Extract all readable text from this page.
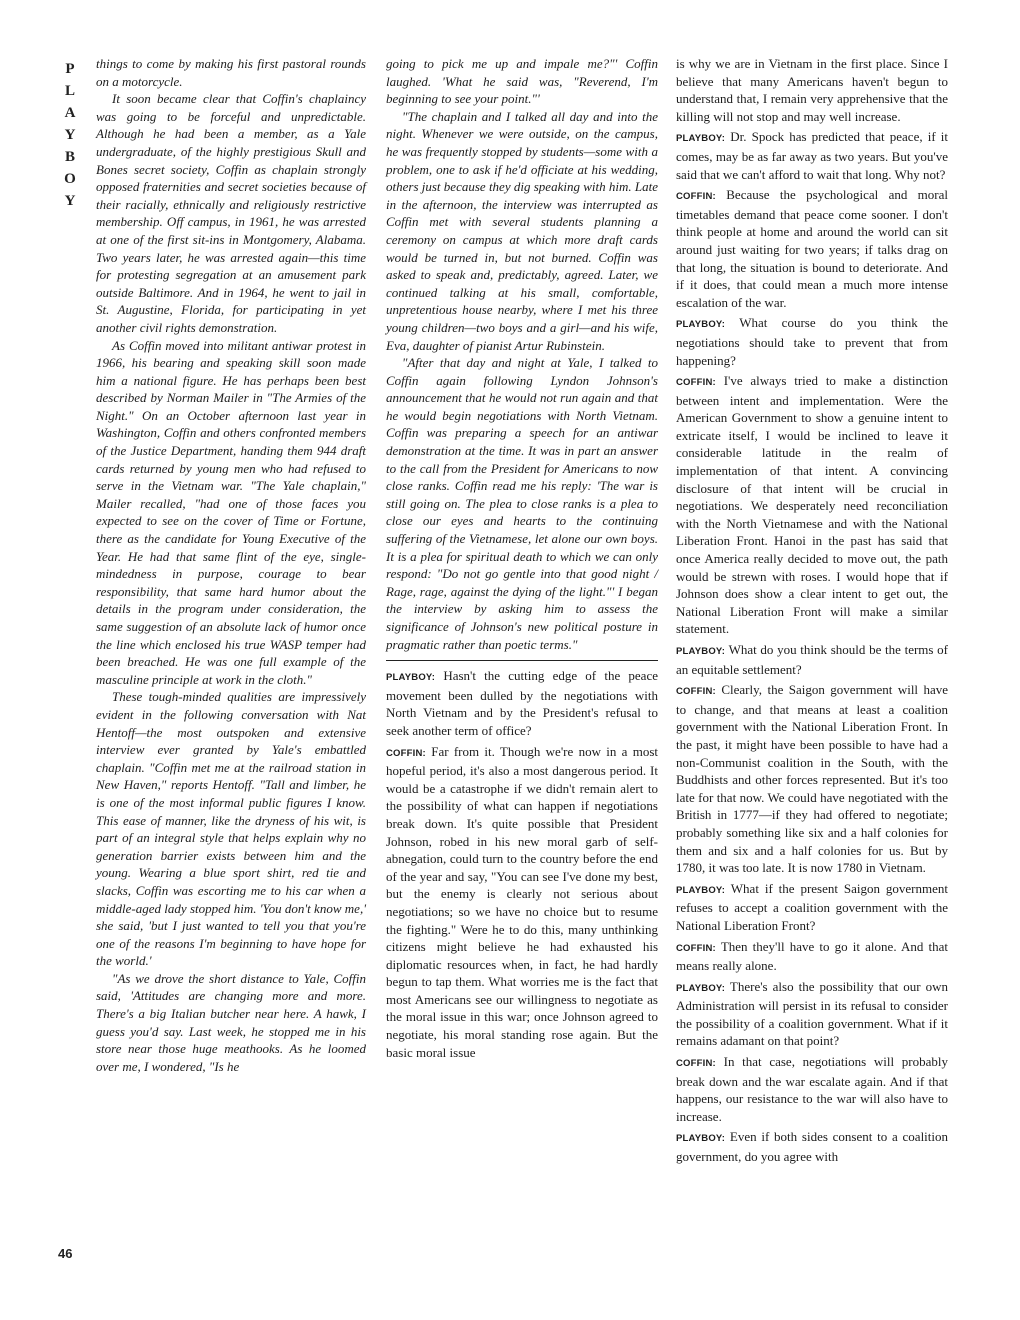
P
L
A
Y
B
O
Y
46

things to come by making his first pastoral rounds on a motorcycle.

It soon became clear that Coffin's chaplaincy was going to be forceful and unpredictable. Although he had been a member, as a Yale undergraduate, of the highly prestigious Skull and Bones secret society, Coffin as chaplain strongly opposed fraternities and secret societies because of their racially, ethnically and religiously restrictive membership. Off campus, in 1961, he was arrested at one of the first sit-ins in Montgomery, Alabama. Two years later, he was arrested again—this time for protesting segregation at an amusement park outside Baltimore. And in 1964, he went to jail in St. Augustine, Florida, for participating in yet another civil rights demonstration.

As Coffin moved into militant antiwar protest in 1966, his bearing and speaking skill soon made him a national figure. He has perhaps been best described by Norman Mailer in "The Armies of the Night." On an October afternoon last year in Washington, Coffin and others confronted members of the Justice Department, handing them 944 draft cards returned by young men who had refused to serve in the Vietnam war. "The Yale chaplain," Mailer recalled, "had one of those faces you expected to see on the cover of Time or Fortune, there as the candidate for Young Executive of the Year. He had that same flint of the eye, single-mindedness in purpose, courage to bear responsibility, that same hard humor about the details in the program under consideration, the same suggestion of an absolute lack of humor once the line which enclosed his true WASP temper had been breached. He was one full example of the masculine principle at work in the cloth."

These tough-minded qualities are impressively evident in the following conversation with Nat Hentoff—the most outspoken and extensive interview ever granted by Yale's embattled chaplain. "Coffin met me at the railroad station in New Haven," reports Hentoff. "Tall and limber, he is one of the most informal public figures I know. This ease of manner, like the dryness of his wit, is part of an integral style that helps explain why no generation barrier exists between him and the young. Wearing a blue sport shirt, red tie and slacks, Coffin was escorting me to his car when a middle-aged lady stopped him. 'You don't know me,' she said, 'but I just wanted to tell you that you're one of the reasons I'm beginning to have hope for the world.'

"As we drove the short distance to Yale, Coffin said, 'Attitudes are changing more and more. There's a big Italian butcher near here. A hawk, I guess you'd say. Last week, he stopped me in his store near those huge meathooks. As he loomed over me, I wondered, "Is he

going to pick me up and impale me?"' Coffin laughed. 'What he said was, "Reverend, I'm beginning to see your point."'

"The chaplain and I talked all day and into the night. Whenever we were outside, on the campus, he was frequently stopped by students—some with a problem, one to ask if he'd officiate at his wedding, others just because they dig speaking with him. Late in the afternoon, the interview was interrupted as Coffin met with several students planning a ceremony on campus at which more draft cards would be turned in, but not burned. Coffin was asked to speak and, predictably, agreed. Later, we continued talking at his small, comfortable, unpretentious house nearby, where I met his three young children—two boys and a girl—and his wife, Eva, daughter of pianist Artur Rubinstein.

"After that day and night at Yale, I talked to Coffin again following Lyndon Johnson's announcement that he would not run again and that he would begin negotiations with North Vietnam. Coffin was preparing a speech for an antiwar demonstration at the time. It was in part an answer to the call from the President for Americans to now close ranks. Coffin read me his reply: 'The war is still going on. The plea to close ranks is a plea to close our eyes and hearts to the continuing suffering of the Vietnamese, let alone our own boys. It is a plea for spiritual death to which we can only respond: "Do not go gentle into that good night / Rage, rage, against the dying of the light."' I began the interview by asking him to assess the significance of Johnson's new political posture in pragmatic rather than poetic terms."

PLAYBOY: Hasn't the cutting edge of the peace movement been dulled by the negotiations with North Vietnam and by the President's refusal to seek another term of office?

COFFIN: Far from it. Though we're now in a most hopeful period, it's also a most dangerous period. It would be a catastrophe if we didn't remain alert to the possibility of what can happen if negotiations break down. It's quite possible that President Johnson, robed in his new moral garb of self-abnegation, could turn to the country before the end of the year and say, "You can see I've done my best, but the enemy is clearly not serious about negotiations; so we have no choice but to resume the fighting." Were he to do this, many unthinking citizens might believe he had exhausted his diplomatic resources when, in fact, he had hardly begun to tap them. What worries me is the fact that most Americans see our willingness to negotiate as the moral issue in this war; once Johnson agreed to negotiate, his moral standing rose again. But the basic moral issue

is why we are in Vietnam in the first place. Since I believe that many Americans haven't begun to understand that, I remain very apprehensive that the killing will not stop and may well increase.

PLAYBOY: Dr. Spock has predicted that peace, if it comes, may be as far away as two years. But you've said that we can't afford to wait that long. Why not?

COFFIN: Because the psychological and moral timetables demand that peace come sooner. I don't think people at home and around the world can sit around just waiting for two years; if talks drag on that long, the situation is bound to deteriorate. And if it does, that could mean a much more intense escalation of the war.

PLAYBOY: What course do you think the negotiations should take to prevent that from happening?

COFFIN: I've always tried to make a distinction between intent and implementation. Were the American Government to show a genuine intent to extricate itself, I would be inclined to leave it considerable latitude in the realm of implementation of that intent. A convincing disclosure of that intent will be crucial in negotiations. We desperately need reconciliation with the North Vietnamese and with the National Liberation Front. Hanoi in the past has said that once America really decided to move out, the path would be strewn with roses. I would hope that if Johnson does show a clear intent to get out, the National Liberation Front will make a similar statement.

PLAYBOY: What do you think should be the terms of an equitable settlement?

COFFIN: Clearly, the Saigon government will have to change, and that means at least a coalition government with the National Liberation Front. In the past, it might have been possible to have had a non-Communist coalition in the South, with the Buddhists and other forces represented. But it's too late for that now. We could have negotiated with the British in 1777—if they had offered to negotiate; probably something like six and a half colonies for them and six and a half colonies for us. But by 1780, it was too late. It is now 1780 in Vietnam.

PLAYBOY: What if the present Saigon government refuses to accept a coalition government with the National Liberation Front?

COFFIN: Then they'll have to go it alone. And that means really alone.

PLAYBOY: There's also the possibility that our own Administration will persist in its refusal to consider the possibility of a coalition government. What if it remains adamant on that point?

COFFIN: In that case, negotiations will probably break down and the war escalate again. And if that happens, our resistance to the war will also have to increase.

PLAYBOY: Even if both sides consent to a coalition government, do you agree with
